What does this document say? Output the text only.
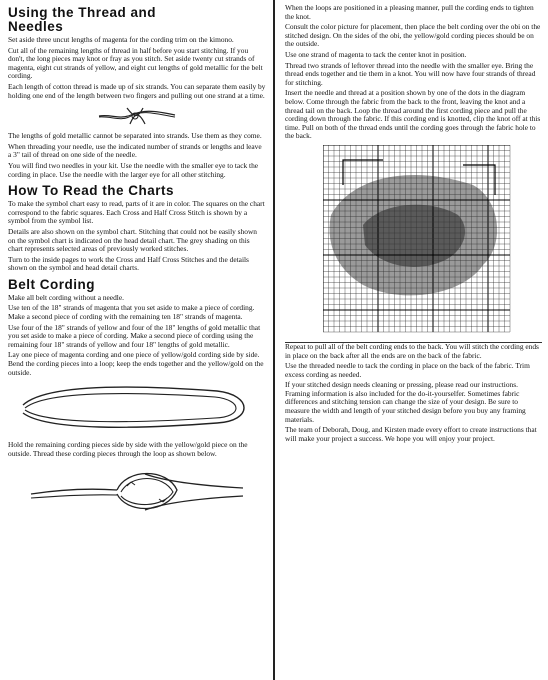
Using the Thread and
Needles

Set aside three uncut lengths of magenta for the cording trim on the kimono.

Cut all of the remaining lengths of thread in half before you start stitching. If you don't, the long pieces may knot or fray as you stitch. Set aside twenty cut strands of magenta, eight cut strands of yellow, and eight cut lengths of gold metallic for the belt cording.

Each length of cotton thread is made up of six strands. You can separate them easily by holding one end of the length between two fingers and pulling out one strand at a time.

The lengths of gold metallic cannot be separated into strands. Use them as they come.

When threading your needle, use the indicated number of strands or lengths and leave a 3" tail of thread on one side of the needle.

You will find two needles in your kit. Use the needle with the smaller eye to tack the cording in place. Use the needle with the larger eye for all other stitching.

How To Read the Charts

To make the symbol chart easy to read, parts of it are in color. The squares on the chart correspond to the fabric squares. Each Cross and Half Cross Stitch is shown by a symbol from the symbol list.

Details are also shown on the symbol chart. Stitching that could not be easily shown on the symbol chart is indicated on the head detail chart. The grey shading on this chart represents selected areas of previously worked stitches.

Turn to the inside pages to work the Cross and Half Cross Stitches and the details shown on the symbol and head detail charts.

Belt Cording

Make all belt cording without a needle.

Use ten of the 18" strands of magenta that you set aside to make a piece of cording. Make a second piece of cording with the remaining ten 18" strands of magenta.

Use four of the 18" strands of yellow and four of the 18" lengths of gold metallic that you set aside to make a piece of cording. Make a second piece of cording using the remaining four 18" strands of yellow and four 18" lengths of gold metallic.

Lay one piece of magenta cording and one piece of yellow/gold cording side by side. Bend the cording pieces into a loop; keep the ends together and the yellow/gold on the outside.

Hold the remaining cording pieces side by side with the yellow/gold piece on the outside. Thread these cording pieces through the loop as shown below.

When the loops are positioned in a pleasing manner, pull the cording ends to tighten the knot.

Consult the color picture for placement, then place the belt cording over the obi on the stitched design. On the sides of the obi, the yellow/gold cording pieces should be on the outside.

Use one strand of magenta to tack the center knot in position.

Thread two strands of leftover thread into the needle with the smaller eye. Bring the thread ends together and tie them in a knot. You will now have four strands of thread for stitching.

Insert the needle and thread at a position shown by one of the dots in the diagram below. Come through the fabric from the back to the front, leaving the knot and a thread tail on the back. Loop the thread around the first cording piece and pull the cording down through the fabric. If this cording end is knotted, clip the knot off at this time. Pull on both of the thread ends until the cording goes through the fabric hole to the back.

Repeat to pull all of the belt cording ends to the back. You will stitch the cording ends in place on the back after all the ends are on the back of the fabric.

Use the threaded needle to tack the cording in place on the back of the fabric. Trim excess cording as needed.

If your stitched design needs cleaning or pressing, please read our instructions. Framing information is also included for the do-it-yourselfer. Sometimes fabric differences and stitching tension can change the size of your design. Be sure to measure the width and length of your stitched design before you buy any framing materials.

The team of Deborah, Doug, and Kirsten made every effort to create instructions that will make your project a success. We hope you will enjoy your project.
